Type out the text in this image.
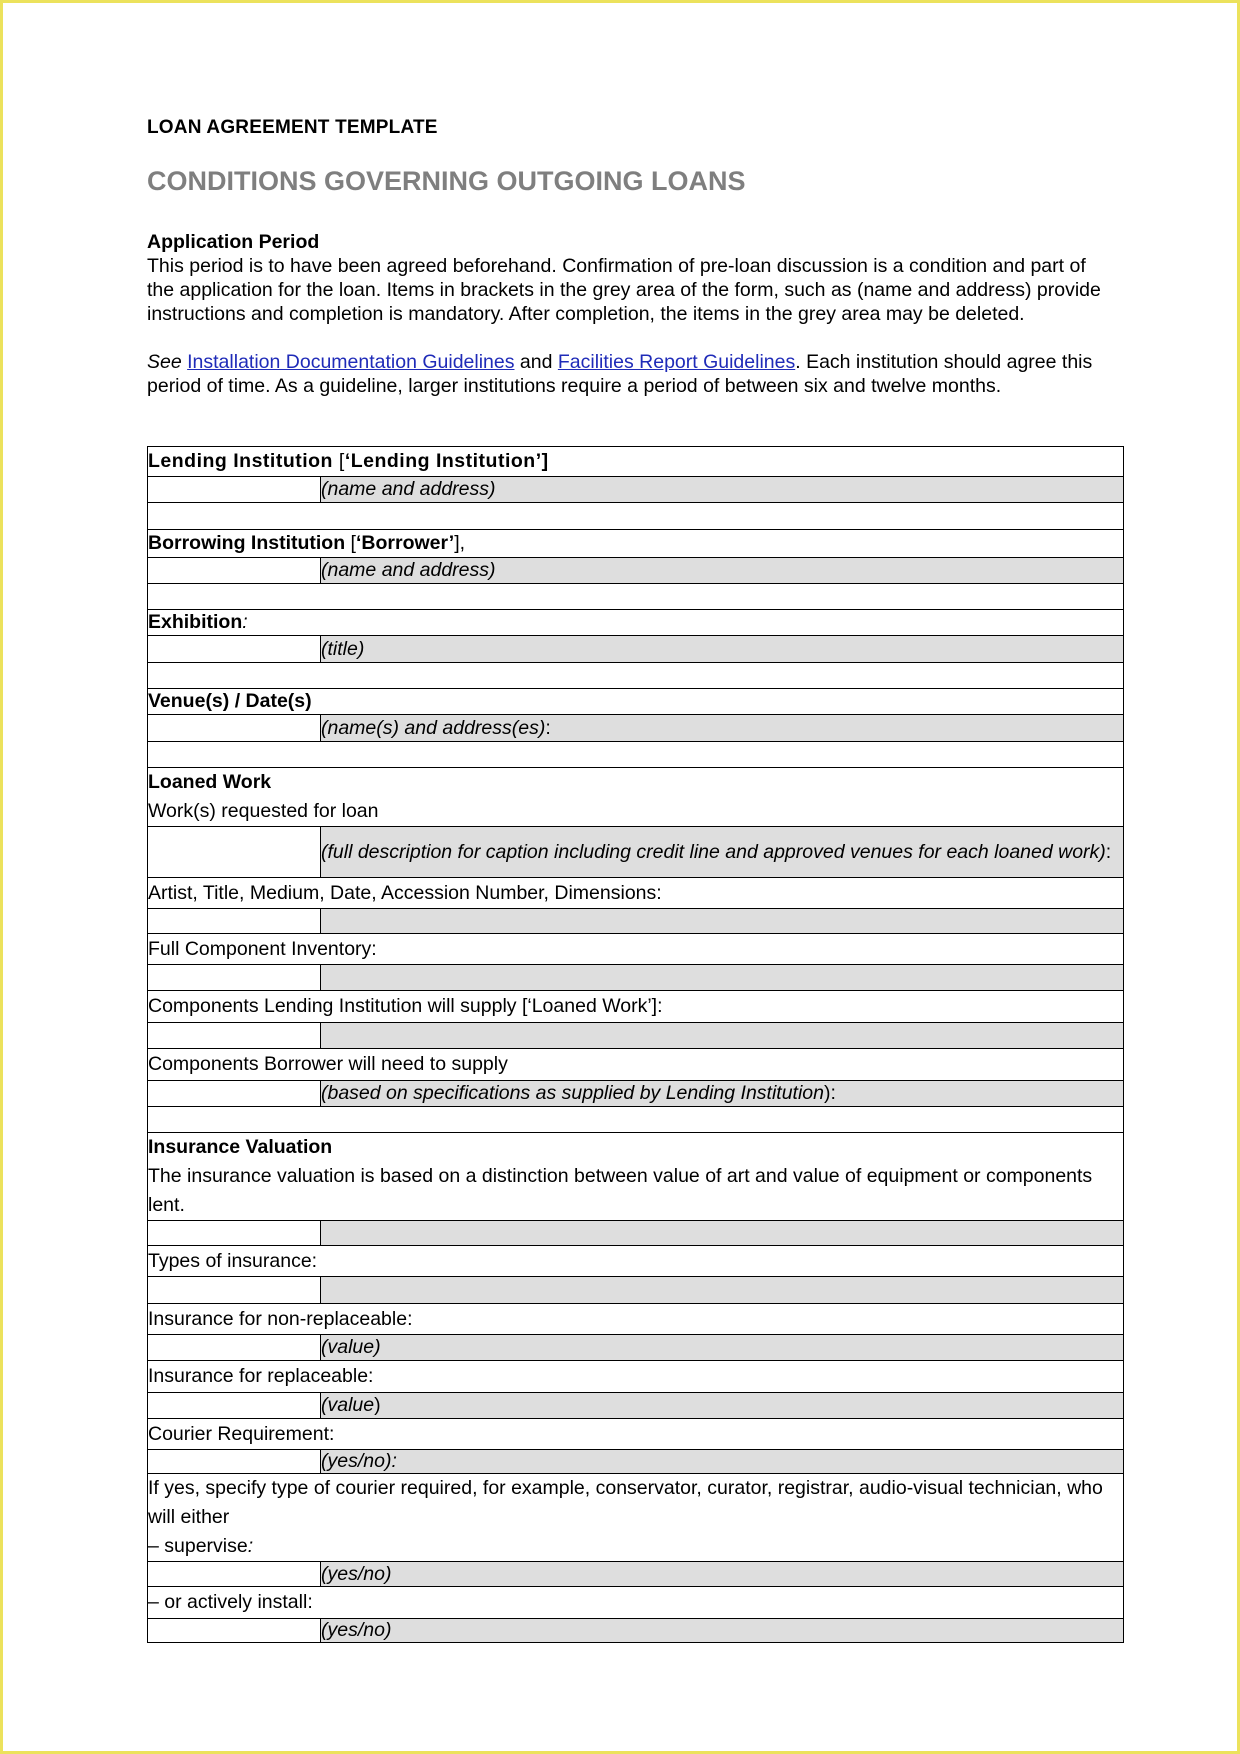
LOAN AGREEMENT TEMPLATE
CONDITIONS GOVERNING OUTGOING LOANS
Application Period

This period is to have been agreed beforehand. Confirmation of pre-loan discussion is a condition and part of the application for the loan. Items in brackets in the grey area of the form, such as (name and address) provide instructions and completion is mandatory. After completion, the items in the grey area may be deleted.

See Installation Documentation Guidelines and Facilities Report Guidelines. Each institution should agree this period of time. As a guideline, larger institutions require a period of between six and twelve months.

Lending Institution [‘Lending Institution’]	
	(name and address)

Borrowing Institution [‘Borrower’],	
	(name and address)

Exhibition:	
	(title)

Venue(s) / Date(s)	
	(name(s) and address(es):

Loaned Work
Work(s) requested for loan	
	(full description for caption including credit line and approved venues for each loaned work):
Artist, Title, Medium, Date, Accession Number, Dimensions:	

Full Component Inventory:	

Components Lending Institution will supply [‘Loaned Work’]:	

Components Borrower will need to supply	
	(based on specifications as supplied by Lending Institution):

Insurance Valuation
The insurance valuation is based on a distinction between value of art and value of equipment or components lent.	

Types of insurance:	

Insurance for non-replaceable:	
	(value)
Insurance for replaceable:	
	(value)
Courier Requirement:	
	(yes/no):
If yes, specify type of courier required, for example, conservator, curator, registrar, audio-visual technician, who will either
– supervise:	
	(yes/no)
– or actively install:	
	(yes/no)
